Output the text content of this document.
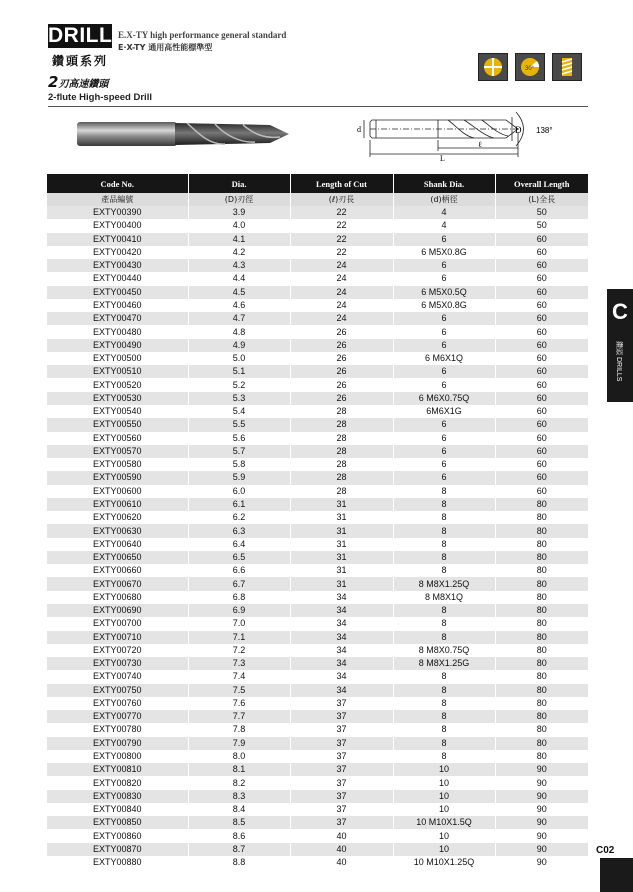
DRILLS
鑽頭系列
E.X-TY high performance general standard
E·X-TY 通用高性能標準型
2刃高速鑽頭
2-flute High-speed Drill
30°
d	D 138°
L
ℓ
C
鑽頭 DRILLS
C02
Code No.	Dia.	Length of Cut	Shank Dia.	Overall Length
產品編號	(D)刃徑	(ℓ)刃長	(d)柄徑	(L)全長
EXTY00390	3.9	22	4	50
EXTY00400	4.0	22	4	50
EXTY00410	4.1	22	6	60
EXTY00420	4.2	22	6 M5X0.8G	60
EXTY00430	4.3	24	6	60
EXTY00440	4.4	24	6	60
EXTY00450	4.5	24	6 M5X0.5Q	60
EXTY00460	4.6	24	6 M5X0.8G	60
EXTY00470	4.7	24	6	60
EXTY00480	4.8	26	6	60
EXTY00490	4.9	26	6	60
EXTY00500	5.0	26	6 M6X1Q	60
EXTY00510	5.1	26	6	60
EXTY00520	5.2	26	6	60
EXTY00530	5.3	26	6 M6X0.75Q	60
EXTY00540	5.4	28	6M6X1G	60
EXTY00550	5.5	28	6	60
EXTY00560	5.6	28	6	60
EXTY00570	5.7	28	6	60
EXTY00580	5.8	28	6	60
EXTY00590	5.9	28	6	60
EXTY00600	6.0	28	8	60
EXTY00610	6.1	31	8	80
EXTY00620	6.2	31	8	80
EXTY00630	6.3	31	8	80
EXTY00640	6.4	31	8	80
EXTY00650	6.5	31	8	80
EXTY00660	6.6	31	8	80
EXTY00670	6.7	31	8 M8X1.25Q	80
EXTY00680	6.8	34	8 M8X1Q	80
EXTY00690	6.9	34	8	80
EXTY00700	7.0	34	8	80
EXTY00710	7.1	34	8	80
EXTY00720	7.2	34	8 M8X0.75Q	80
EXTY00730	7.3	34	8 M8X1.25G	80
EXTY00740	7.4	34	8	80
EXTY00750	7.5	34	8	80
EXTY00760	7.6	37	8	80
EXTY00770	7.7	37	8	80
EXTY00780	7.8	37	8	80
EXTY00790	7.9	37	8	80
EXTY00800	8.0	37	8	80
EXTY00810	8.1	37	10	90
EXTY00820	8.2	37	10	90
EXTY00830	8.3	37	10	90
EXTY00840	8.4	37	10	90
EXTY00850	8.5	37	10 M10X1.5Q	90
EXTY00860	8.6	40	10	90
EXTY00870	8.7	40	10	90
EXTY00880	8.8	40	10 M10X1.25Q	90
